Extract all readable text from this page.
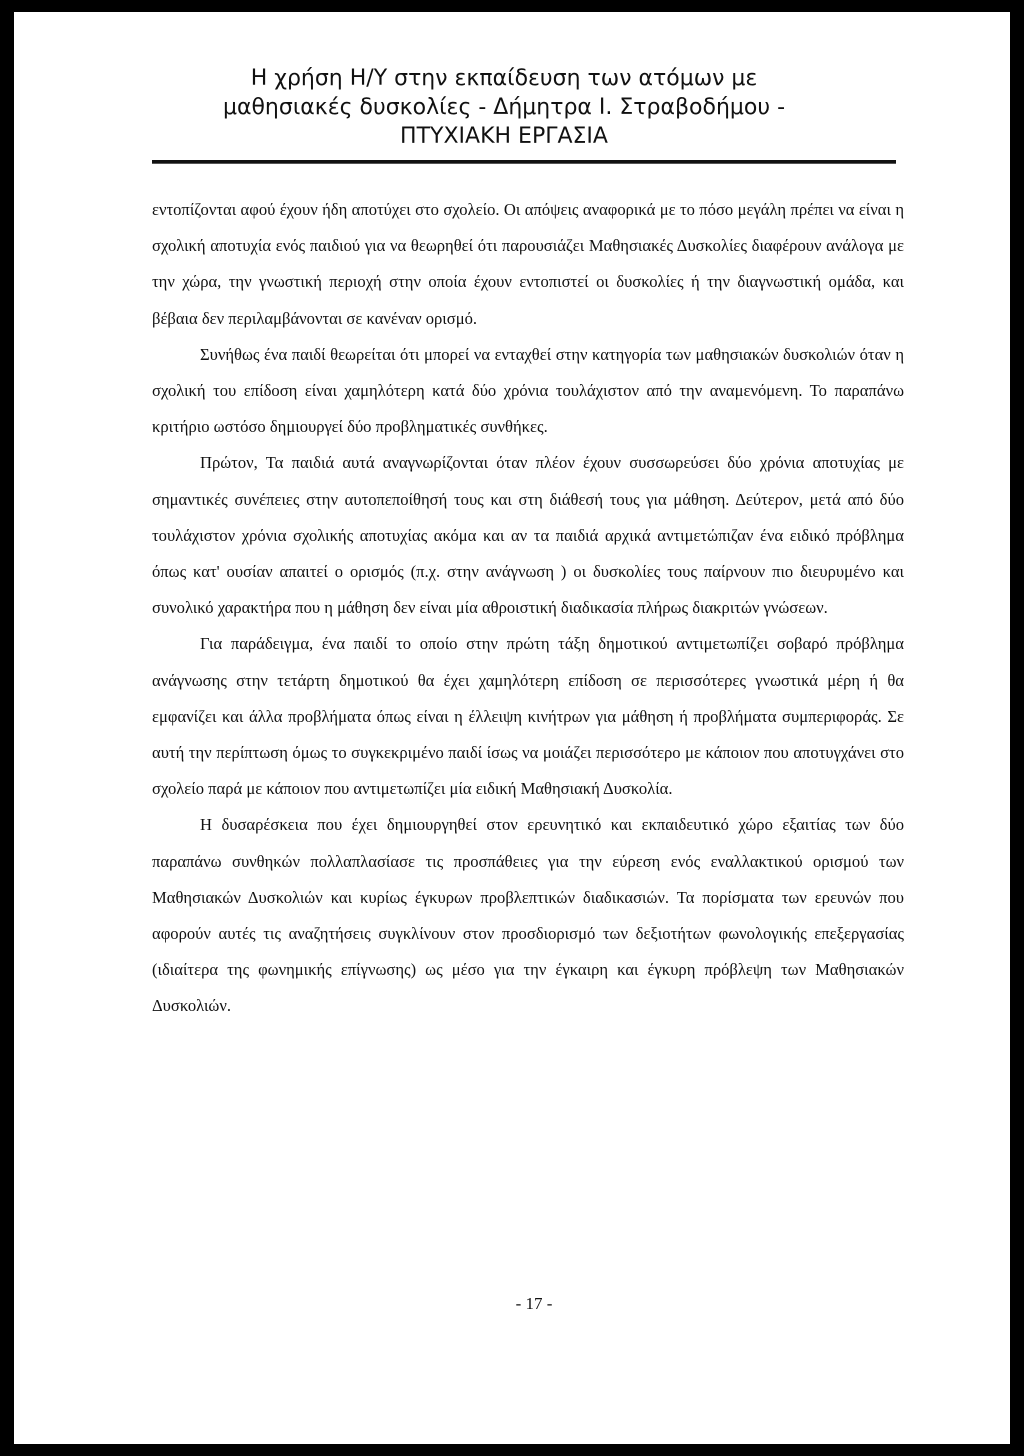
Η χρήση Η/Υ στην εκπαίδευση των ατόμων με
μαθησιακές δυσκολίες - Δήμητρα Ι. Στραβοδήμου -
ΠΤΥΧΙΑΚΗ ΕΡΓΑΣΙΑ

εντοπίζονται αφού έχουν ήδη αποτύχει στο σχολείο. Οι απόψεις αναφορικά με το πόσο μεγάλη πρέπει να είναι η σχολική αποτυχία ενός παιδιού για να θεωρηθεί ότι παρουσιάζει Μαθησιακές Δυσκολίες διαφέρουν ανάλογα με την χώρα, την γνωστική περιοχή στην οποία έχουν εντοπιστεί οι δυσκολίες ή την διαγνωστική ομάδα, και βέβαια δεν περιλαμβάνονται σε κανέναν ορισμό.

Συνήθως ένα παιδί θεωρείται ότι μπορεί να ενταχθεί στην κατηγορία των μαθησιακών δυσκολιών όταν η σχολική του επίδοση είναι χαμηλότερη κατά δύο χρόνια τουλάχιστον από την αναμενόμενη. Το παραπάνω κριτήριο ωστόσο δημιουργεί δύο προβληματικές συνθήκες.

Πρώτον, Τα παιδιά αυτά αναγνωρίζονται όταν πλέον έχουν συσσωρεύσει δύο χρόνια αποτυχίας με σημαντικές συνέπειες στην αυτοπεποίθησή τους και στη διάθεσή τους για μάθηση. Δεύτερον, μετά από δύο τουλάχιστον χρόνια σχολικής αποτυχίας ακόμα και αν τα παιδιά αρχικά αντιμετώπιζαν ένα ειδικό πρόβλημα όπως κατ' ουσίαν απαιτεί ο ορισμός (π.χ. στην ανάγνωση ) οι δυσκολίες τους παίρνουν πιο διευρυμένο και συνολικό χαρακτήρα που η μάθηση δεν είναι μία αθροιστική διαδικασία πλήρως διακριτών γνώσεων.

Για παράδειγμα, ένα παιδί το οποίο στην πρώτη τάξη δημοτικού αντιμετωπίζει σοβαρό πρόβλημα ανάγνωσης στην τετάρτη δημοτικού θα έχει χαμηλότερη επίδοση σε περισσότερες γνωστικά μέρη ή θα εμφανίζει και άλλα προβλήματα όπως είναι η έλλειψη κινήτρων για μάθηση ή προβλήματα συμπεριφοράς. Σε αυτή την περίπτωση όμως το συγκεκριμένο παιδί ίσως να μοιάζει περισσότερο με κάποιον που αποτυγχάνει στο σχολείο παρά με κάποιον που αντιμετωπίζει μία ειδική Μαθησιακή Δυσκολία.

Η δυσαρέσκεια που έχει δημιουργηθεί στον ερευνητικό και εκπαιδευτικό χώρο εξαιτίας των δύο παραπάνω συνθηκών πολλαπλασίασε τις προσπάθειες για την εύρεση ενός εναλλακτικού ορισμού των Μαθησιακών Δυσκολιών και κυρίως έγκυρων προβλεπτικών διαδικασιών. Τα πορίσματα των ερευνών που αφορούν αυτές τις αναζητήσεις συγκλίνουν στον προσδιορισμό των δεξιοτήτων φωνολογικής επεξεργασίας (ιδιαίτερα της φωνημικής επίγνωσης) ως μέσο για την έγκαιρη και έγκυρη πρόβλεψη των Μαθησιακών Δυσκολιών.

- 17 -
